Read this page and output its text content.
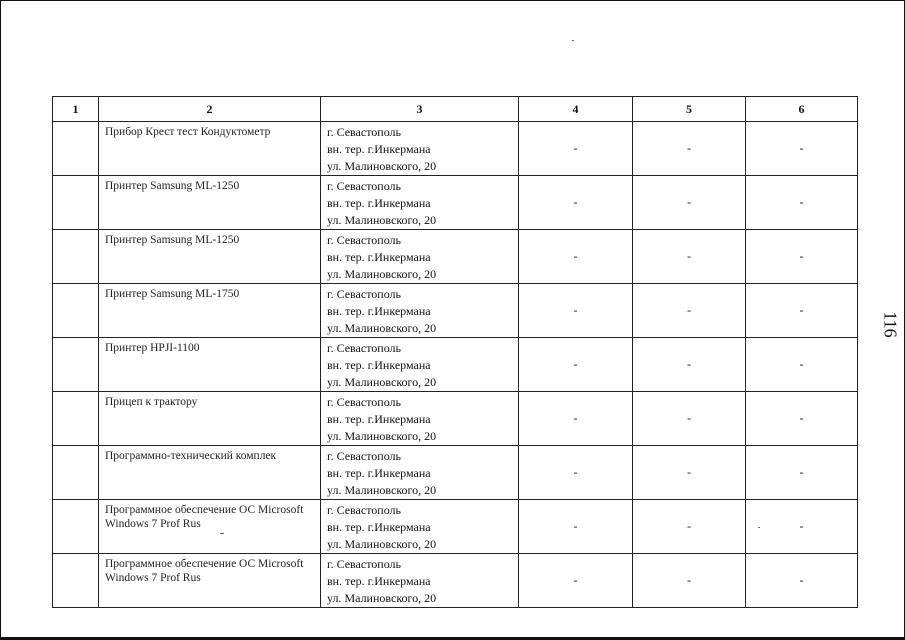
1	2	3	4	5	6
	Прибор Крест тест Кондуктометр	г. Севастополь
вн. тер. г.Инкермана
ул. Малиновского, 20	-	-	-
	Принтер Samsung ML-1250	г. Севастополь
вн. тер. г.Инкермана
ул. Малиновского, 20	-	-	-
	Принтер Samsung ML-1250	г. Севастополь
вн. тер. г.Инкермана
ул. Малиновского, 20	-	-	-
	Принтер Samsung ML-1750	г. Севастополь
вн. тер. г.Инкермана
ул. Малиновского, 20	-	-	-
	Принтер HPJI-1100	г. Севастополь
вн. тер. г.Инкермана
ул. Малиновского, 20	-	-	-
	Прицеп к трактору	г. Севастополь
вн. тер. г.Инкермана
ул. Малиновского, 20	-	-	-
	Программно-технический комплек	г. Севастополь
вн. тер. г.Инкермана
ул. Малиновского, 20	-	-	-
	Программное обеспечение ОС Microsoft Windows 7 Prof Rus	г. Севастополь
вн. тер. г.Инкермана
ул. Малиновского, 20	-	-	-
	Программное обеспечение ОС Microsoft Windows 7 Prof Rus	г. Севастополь
вн. тер. г.Инкермана
ул. Малиновского, 20	-	-	-
116
